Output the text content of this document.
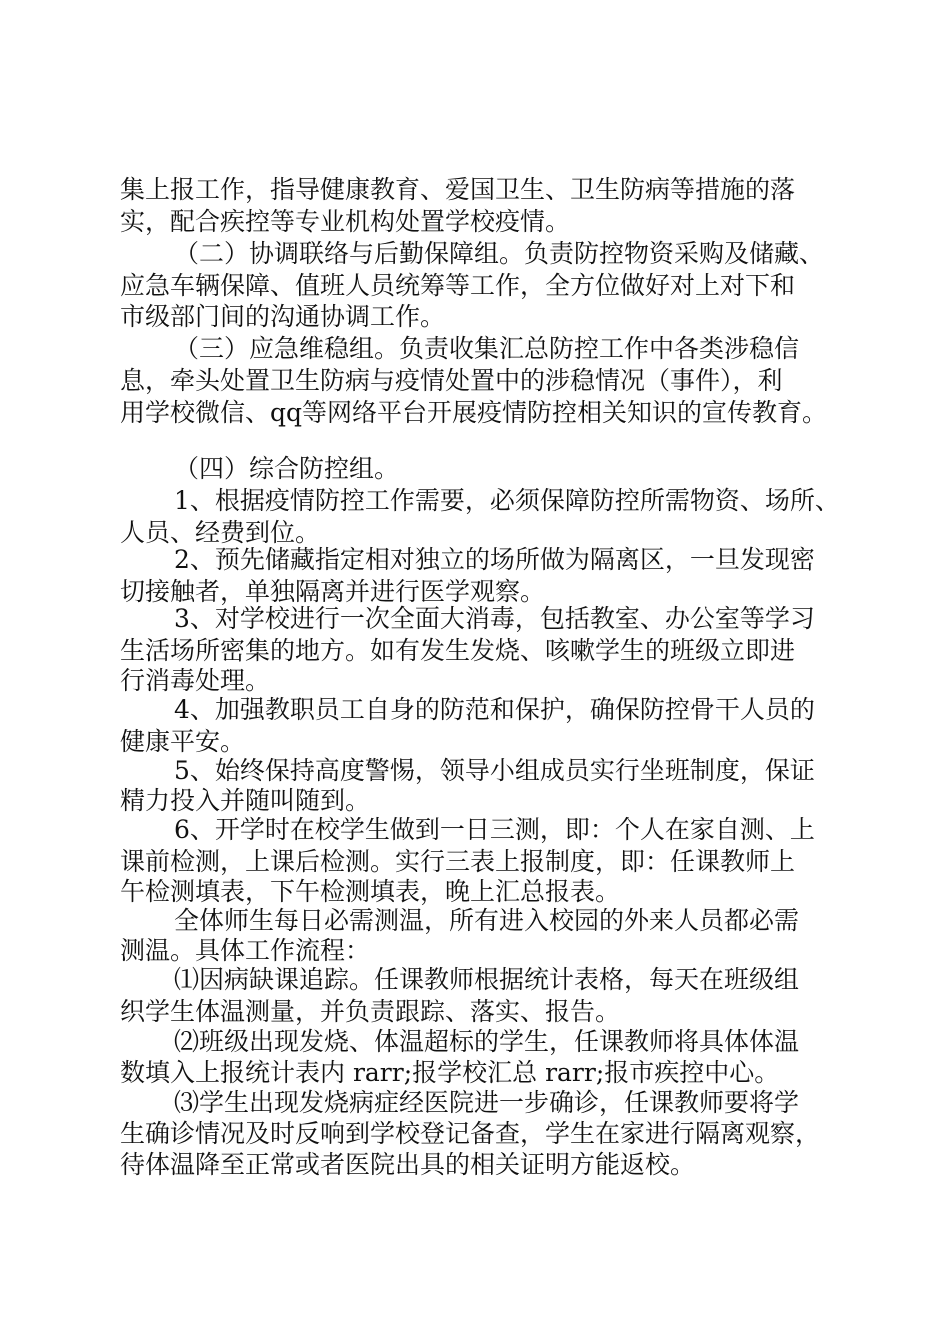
集上报工作，指导健康教育、爱国卫生、卫生防病等措施的落

实，配合疾控等专业机构处置学校疫情。

（二）协调联络与后勤保障组。负责防控物资采购及储藏、

应急车辆保障、值班人员统筹等工作，全方位做好对上对下和

市级部门间的沟通协调工作。

（三）应急维稳组。负责收集汇总防控工作中各类涉稳信

息，牵头处置卫生防病与疫情处置中的涉稳情况（事件），利

用学校微信、qq等网络平台开展疫情防控相关知识的宣传教育。

（四）综合防控组。

1、根据疫情防控工作需要，必须保障防控所需物资、场所、

人员、经费到位。

2、预先储藏指定相对独立的场所做为隔离区，一旦发现密

切接触者，单独隔离并进行医学观察。

3、对学校进行一次全面大消毒，包括教室、办公室等学习

生活场所密集的地方。如有发生发烧、咳嗽学生的班级立即进

行消毒处理。

4、加强教职员工自身的防范和保护，确保防控骨干人员的

健康平安。

5、始终保持高度警惕，领导小组成员实行坐班制度，保证

精力投入并随叫随到。

6、开学时在校学生做到一日三测，即：个人在家自测、上

课前检测，上课后检测。实行三表上报制度，即：任课教师上

午检测填表，下午检测填表，晚上汇总报表。

全体师生每日必需测温，所有进入校园的外来人员都必需

测温。具体工作流程：

⑴因病缺课追踪。任课教师根据统计表格，每天在班级组

织学生体温测量，并负责跟踪、落实、报告。

⑵班级出现发烧、体温超标的学生，任课教师将具体体温

数填入上报统计表内 rarr;报学校汇总 rarr;报市疾控中心。

⑶学生出现发烧病症经医院进一步确诊，任课教师要将学

生确诊情况及时反响到学校登记备查，学生在家进行隔离观察，

待体温降至正常或者医院出具的相关证明方能返校。
